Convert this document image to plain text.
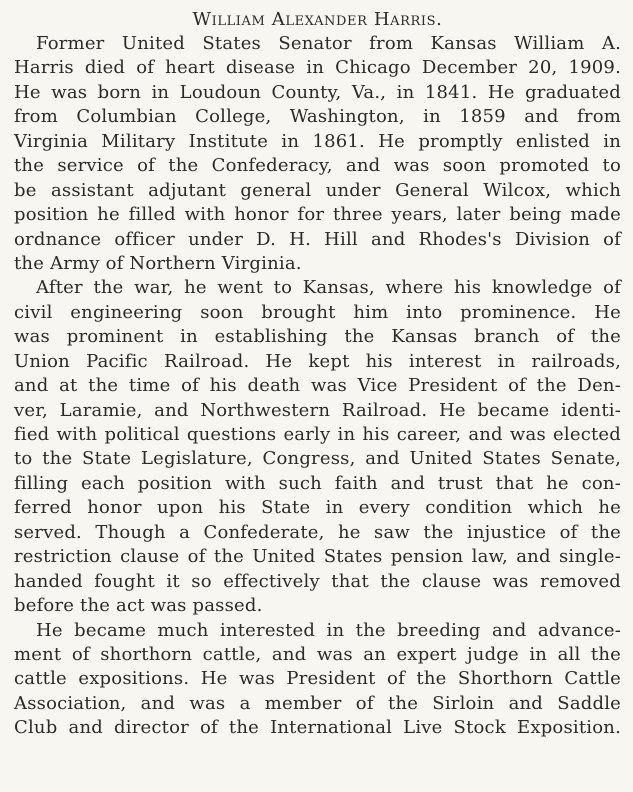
William Alexander Harris.
Former United States Senator from Kansas William A.
Harris died of heart disease in Chicago December 20, 1909.
He was born in Loudoun County, Va., in 1841. He graduated
from Columbian College, Washington, in 1859 and from
Virginia Military Institute in 1861. He promptly enlisted in
the service of the Confederacy, and was soon promoted to
be assistant adjutant general under General Wilcox, which
position he filled with honor for three years, later being made
ordnance officer under D. H. Hill and Rhodes's Division of
the Army of Northern Virginia.
After the war, he went to Kansas, where his knowledge of
civil engineering soon brought him into prominence. He
was prominent in establishing the Kansas branch of the
Union Pacific Railroad. He kept his interest in railroads,
and at the time of his death was Vice President of the Den-
ver, Laramie, and Northwestern Railroad. He became identi-
fied with political questions early in his career, and was elected
to the State Legislature, Congress, and United States Senate,
filling each position with such faith and trust that he con-
ferred honor upon his State in every condition which he
served. Though a Confederate, he saw the injustice of the
restriction clause of the United States pension law, and single-
handed fought it so effectively that the clause was removed
before the act was passed.
He became much interested in the breeding and advance-
ment of shorthorn cattle, and was an expert judge in all the
cattle expositions. He was President of the Shorthorn Cattle
Association, and was a member of the Sirloin and Saddle
Club and director of the International Live Stock Exposition.
